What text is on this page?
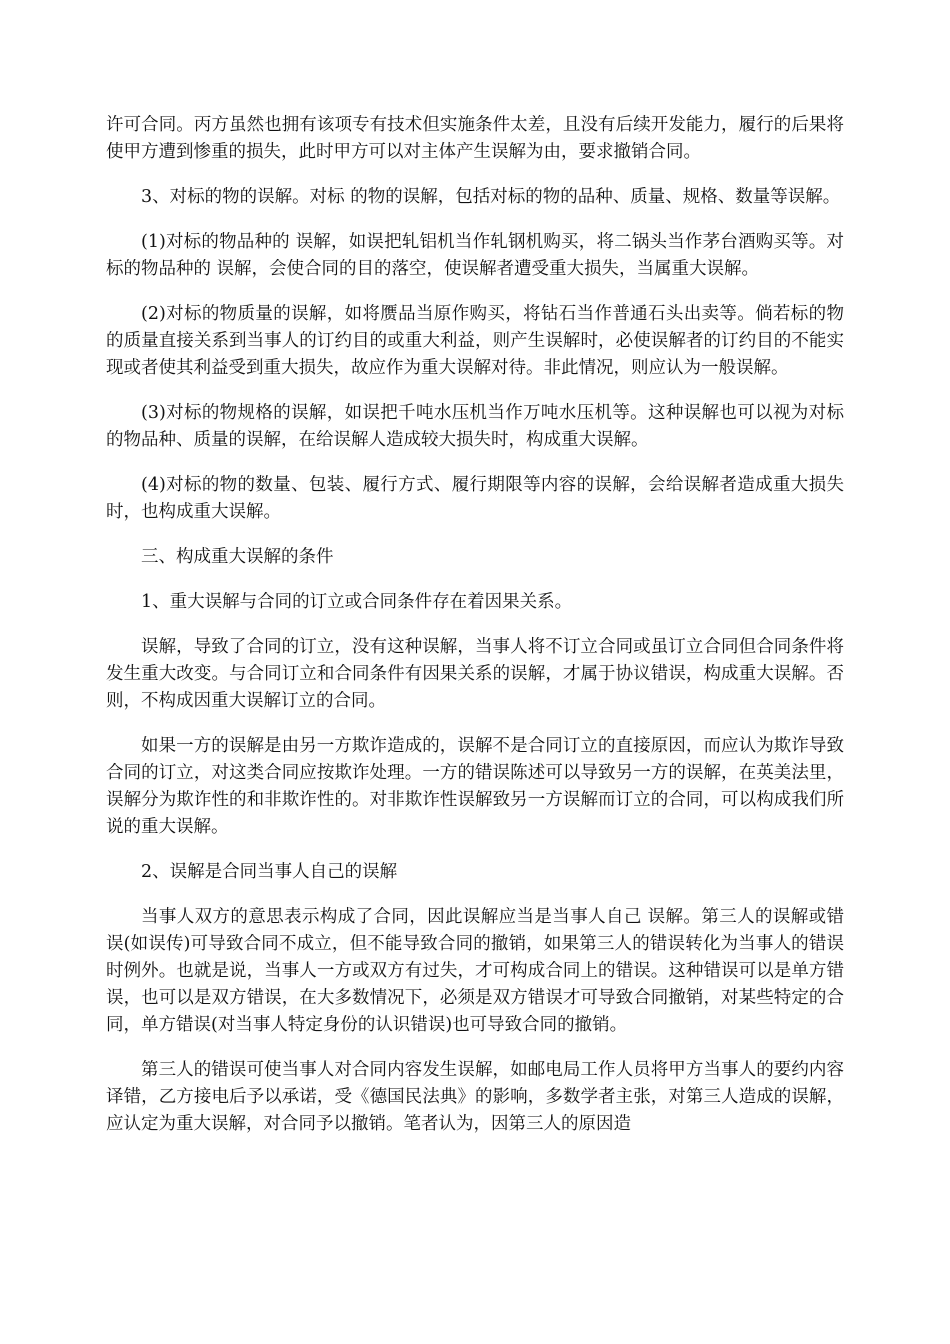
许可合同。丙方虽然也拥有该项专有技术但实施条件太差，且没有后续开发能力，履行的后果将使甲方遭到惨重的损失，此时甲方可以对主体产生误解为由，要求撤销合同。

3、对标的物的误解。对标 的物的误解，包括对标的物的品种、质量、规格、数量等误解。

(1)对标的物品种的 误解，如误把轧铝机当作轧钢机购买，将二锅头当作茅台酒购买等。对标的物品种的 误解，会使合同的目的落空，使误解者遭受重大损失，当属重大误解。

(2)对标的物质量的误解，如将赝品当原作购买，将钻石当作普通石头出卖等。倘若标的物的质量直接关系到当事人的订约目的或重大利益，则产生误解时，必使误解者的订约目的不能实现或者使其利益受到重大损失，故应作为重大误解对待。非此情况，则应认为一般误解。

(3)对标的物规格的误解，如误把千吨水压机当作万吨水压机等。这种误解也可以视为对标的物品种、质量的误解，在给误解人造成较大损失时，构成重大误解。

(4)对标的物的数量、包装、履行方式、履行期限等内容的误解，会给误解者造成重大损失时，也构成重大误解。

三、构成重大误解的条件

1、重大误解与合同的订立或合同条件存在着因果关系。

误解，导致了合同的订立，没有这种误解，当事人将不订立合同或虽订立合同但合同条件将发生重大改变。与合同订立和合同条件有因果关系的误解，才属于协议错误，构成重大误解。否则，不构成因重大误解订立的合同。

如果一方的误解是由另一方欺诈造成的，误解不是合同订立的直接原因，而应认为欺诈导致 合同的订立，对这类合同应按欺诈处理。一方的错误陈述可以导致另一方的误解，在英美法里，误解分为欺诈性的和非欺诈性的。对非欺诈性误解致另一方误解而订立的合同，可以构成我们所说的重大误解。

2、误解是合同当事人自己的误解

当事人双方的意思表示构成了合同，因此误解应当是当事人自己 误解。第三人的误解或错误(如误传)可导致合同不成立，但不能导致合同的撤销，如果第三人的错误转化为当事人的错误时例外。也就是说，当事人一方或双方有过失，才可构成合同上的错误。这种错误可以是单方错误，也可以是双方错误，在大多数情况下，必须是双方错误才可导致合同撤销，对某些特定的合同，单方错误(对当事人特定身份的认识错误)也可导致合同的撤销。

第三人的错误可使当事人对合同内容发生误解，如邮电局工作人员将甲方当事人的要约内容译错，乙方接电后予以承诺，受《德国民法典》的影响，多数学者主张，对第三人造成的误解，应认定为重大误解，对合同予以撤销。笔者认为，因第三人的原因造
